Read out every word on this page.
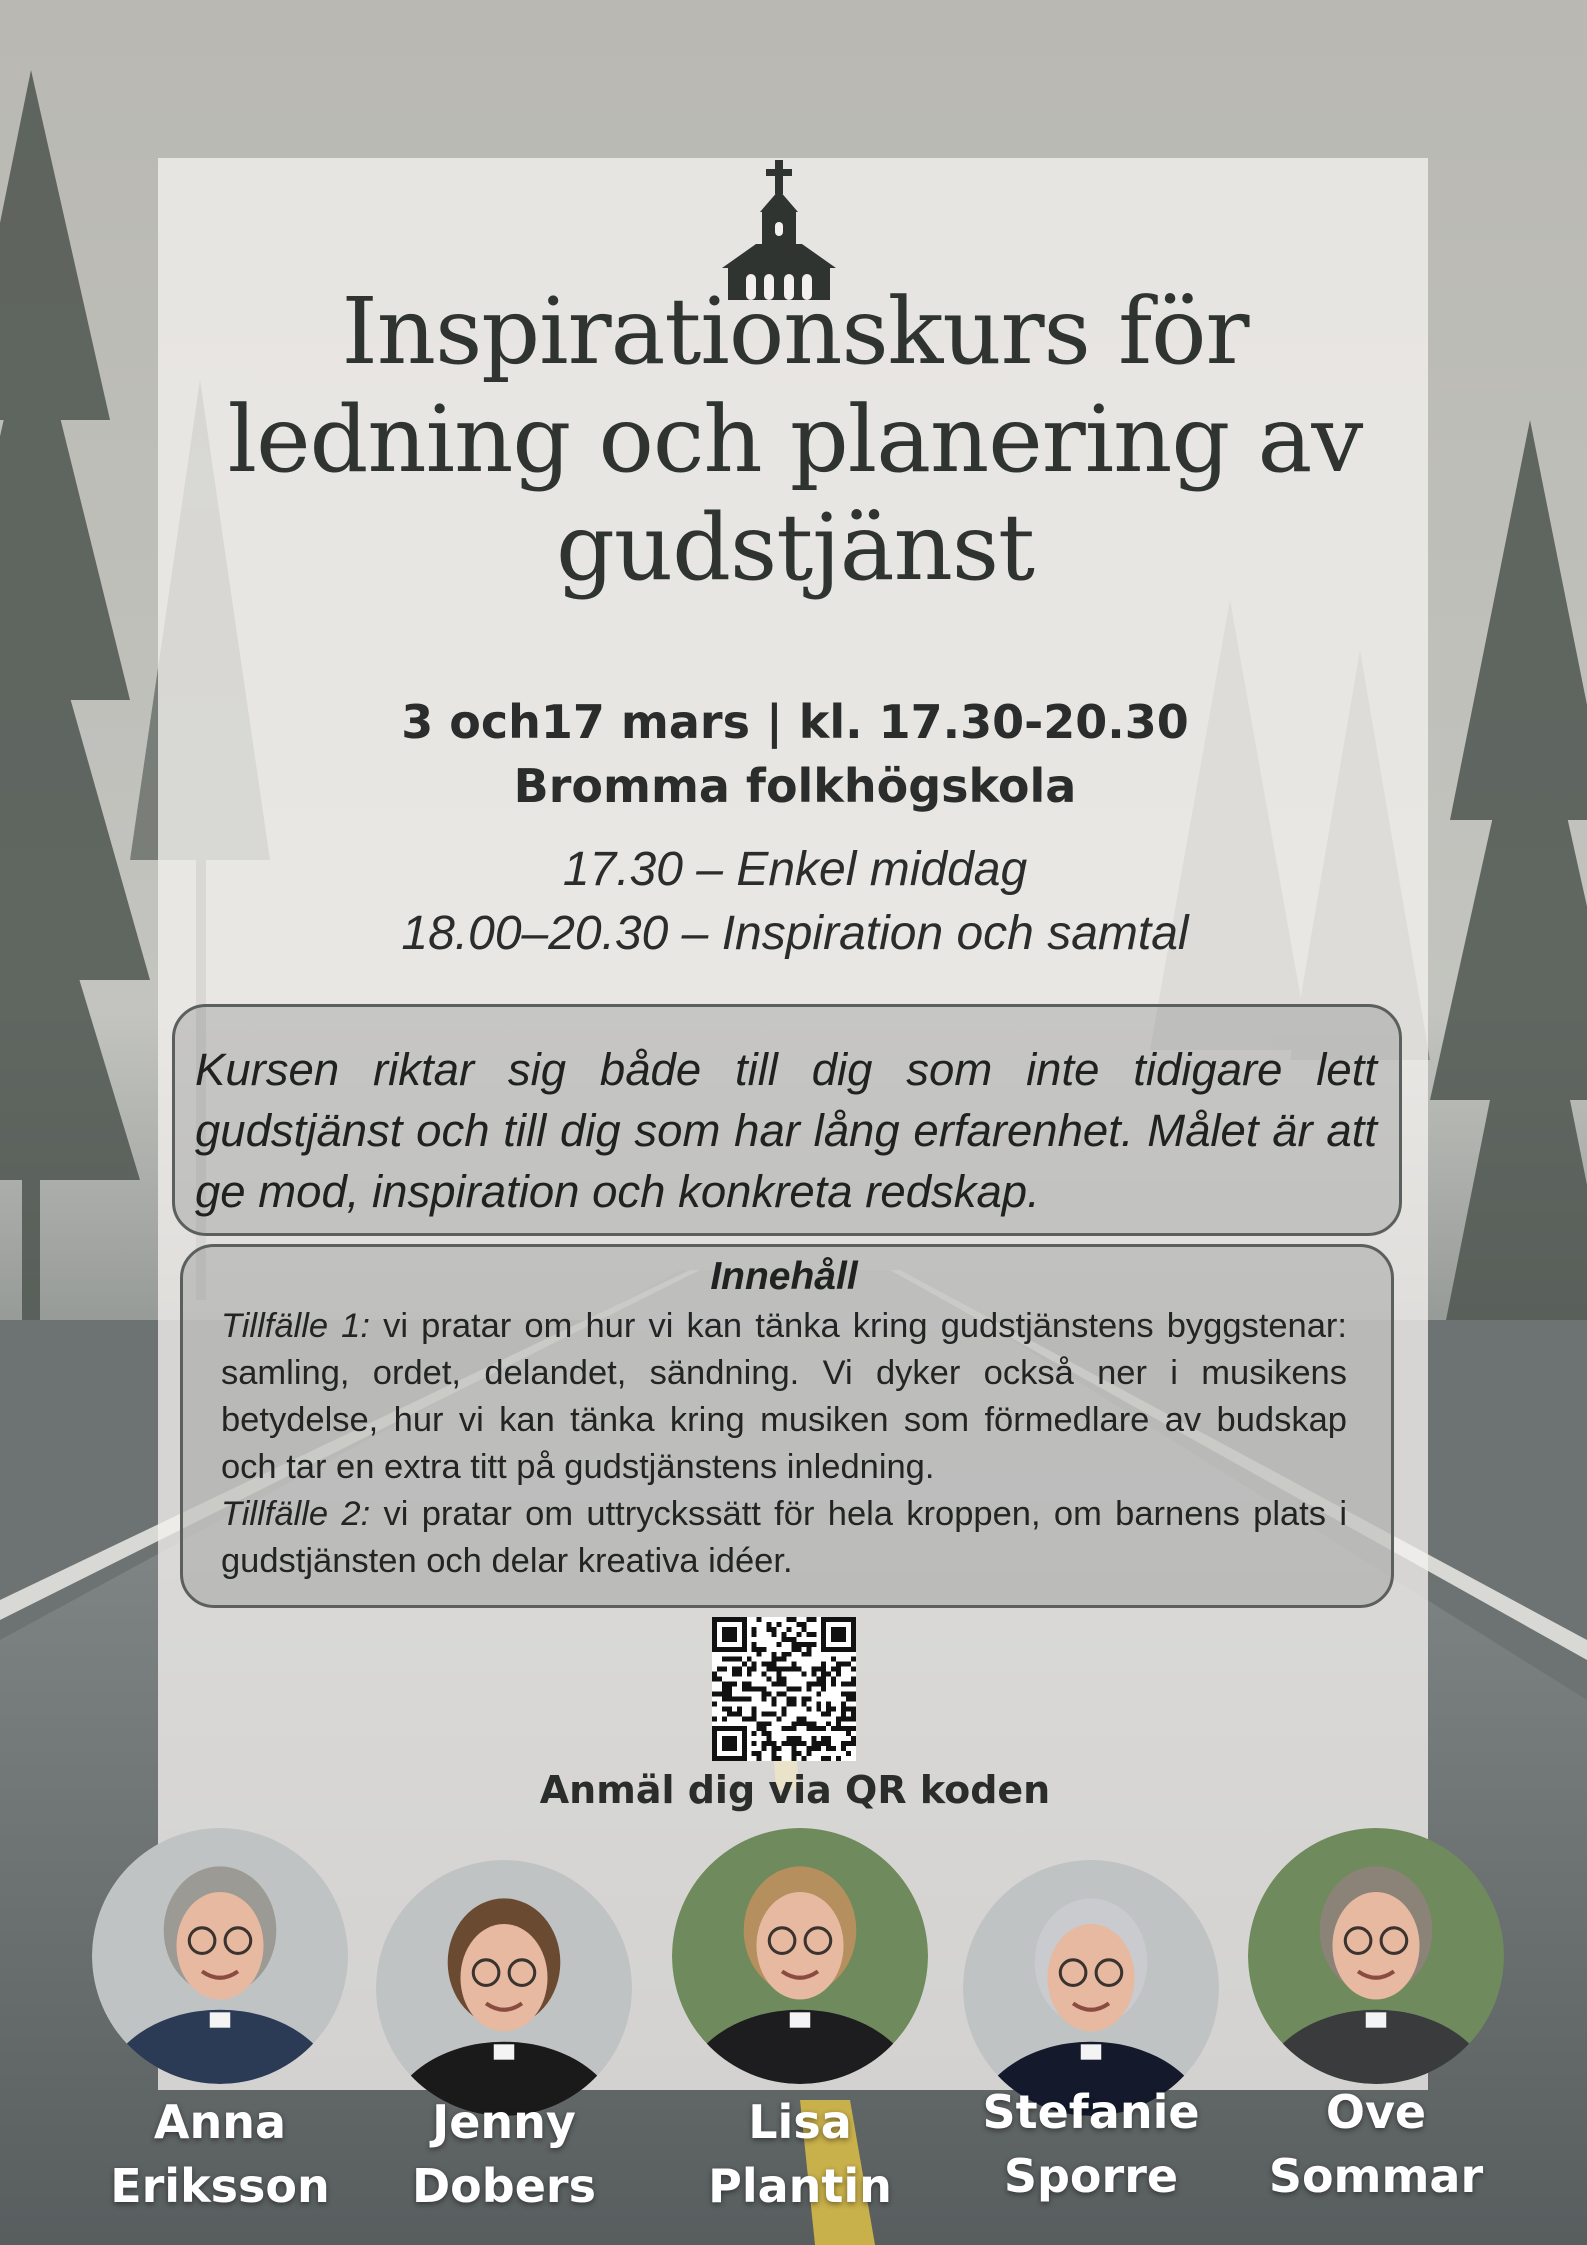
Inspirationskurs för
ledning och planering av
gudstjänst
3 och17 mars | kl. 17.30-20.30
Bromma folkhögskola
17.30 – Enkel middag
18.00–20.30 – Inspiration och samtal

Kursen riktar sig både till dig som inte tidigare lett gudstjänst och till dig som har lång erfarenhet. Målet är att ge mod, inspiration och konkreta redskap.

Innehåll

Tillfälle 1: vi pratar om hur vi kan tänka kring gudstjänstens byggstenar: samling, ordet, delandet, sändning. Vi dyker också ner i musikens betydelse, hur vi kan tänka kring musiken som förmedlare av budskap och tar en extra titt på gudstjänstens inledning.

Tillfälle 2: vi pratar om uttryckssätt för hela kroppen, om barnens plats i gudstjänsten och delar kreativa idéer.

Anmäl dig via QR koden
Anna
Eriksson
Jenny
Dobers
Lisa
Plantin
Stefanie
Sporre
Ove
Sommar
